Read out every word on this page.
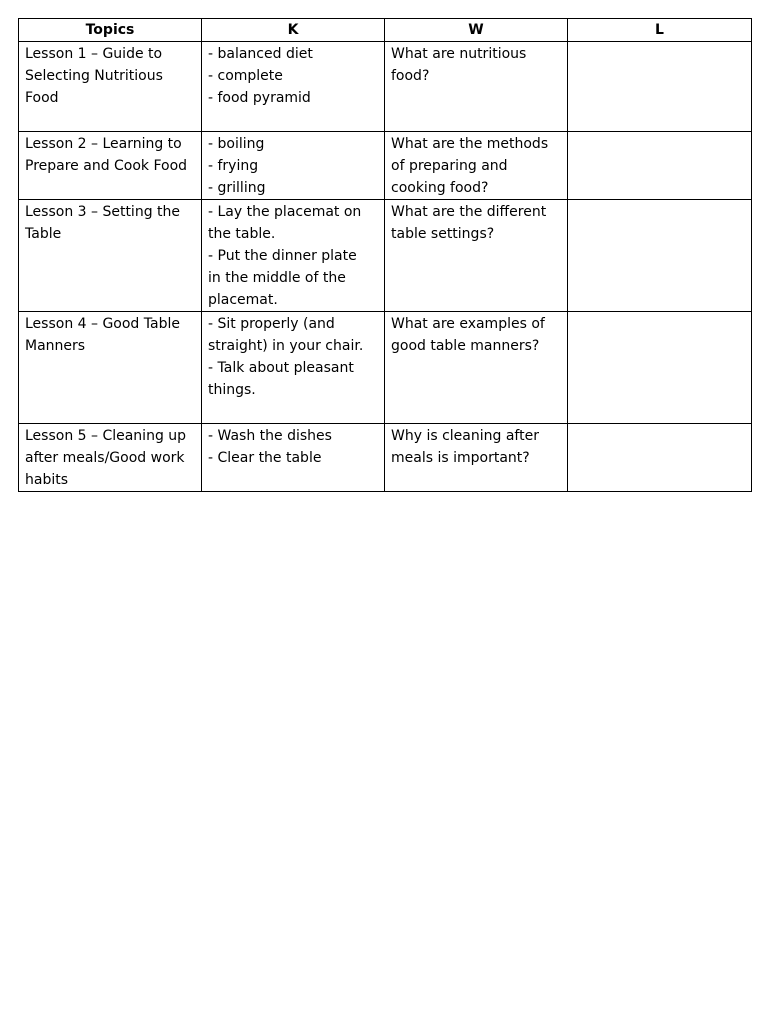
Topics	K	W	L

Lesson 1 – Guide to
Selecting Nutritious
Food	- balanced diet
- complete
- food pyramid	What are nutritious
food?	

Lesson 2 – Learning to
Prepare and Cook Food	- boiling
- frying
- grilling	What are the methods
of preparing and
cooking food?	

Lesson 3 – Setting the
Table	- Lay the placemat on
the table.
- Put the dinner plate
in the middle of the
placemat.	What are the different
table settings?	

Lesson 4 – Good Table
Manners	- Sit properly (and
straight) in your chair.
- Talk about pleasant
things.	What are examples of
good table manners?	

Lesson 5 – Cleaning up
after meals/Good work
habits	- Wash the dishes
- Clear the table	Why is cleaning after
meals is important?	
